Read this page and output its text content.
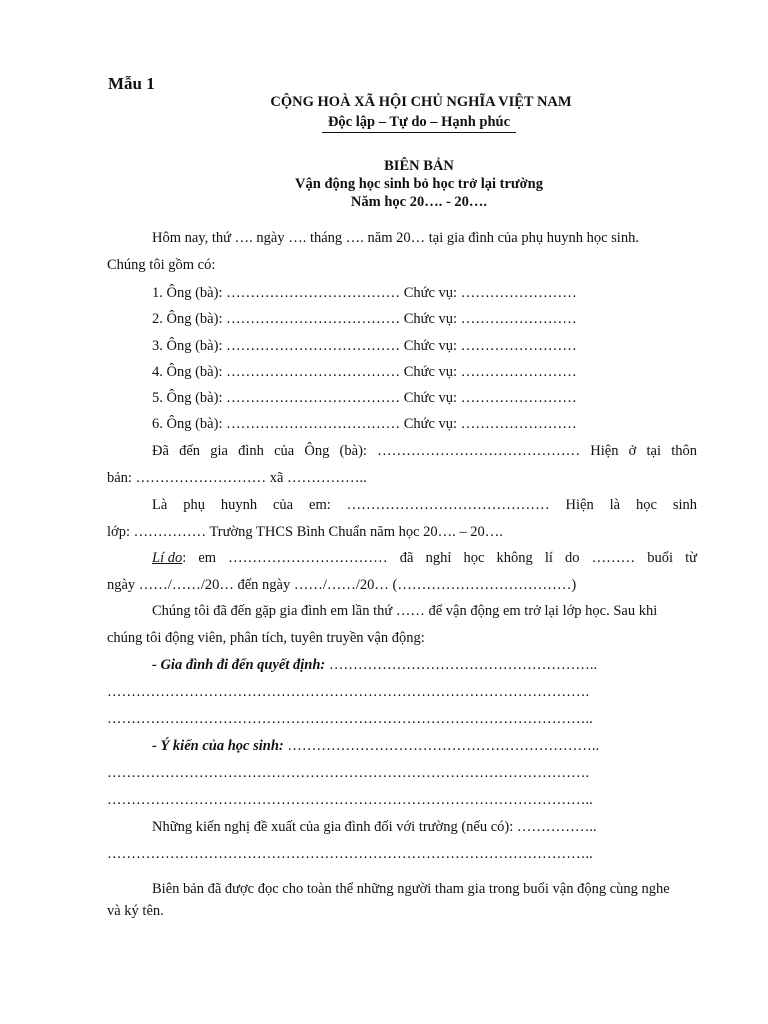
Mẫu 1
CỘNG HOÀ XÃ HỘI CHỦ NGHĨA VIỆT NAM
Độc lập – Tự do – Hạnh phúc
BIÊN BẢN
Vận động học sinh bỏ học trở lại trường
Năm học 20…. - 20….
Hôm nay, thứ …. ngày …. tháng …. năm 20… tại gia đình của phụ huynh học sinh.
Chúng tôi gồm có:
1. Ông (bà): ……………………………… Chức vụ: ……………………
2. Ông (bà): ……………………………… Chức vụ: ……………………
3. Ông (bà): ……………………………… Chức vụ: ……………………
4. Ông (bà): ……………………………… Chức vụ: ……………………
5. Ông (bà): ……………………………… Chức vụ: ……………………
6. Ông (bà): ……………………………… Chức vụ: ……………………
Đã đến gia đình của Ông (bà): …………………………………… Hiện ở tại thôn
bản: ……………………… xã ……………..
Là phụ huynh của em: …………………………………… Hiện là học sinh
lớp: …………… Trường THCS Bình Chuẩn năm học 20…. – 20….
Lí do : em …………………………… đã nghỉ học không lí do ……… buổi từ
ngày ……/……/20… đến ngày ……/……/20… (………………………………)
Chúng tôi đã đến gặp gia đình em lần thứ …… để vận động em trở lại lớp học. Sau khi
chúng tôi động viên, phân tích, tuyên truyền vận động:
- Gia đình đi đến quyết định: ………………………………………………..
……………………………………………………………………………………….
………………………………………………………………………………………..
- Ý kiến của học sinh: ………………………………………………………..
……………………………………………………………………………………….
………………………………………………………………………………………..
Những kiến nghị đề xuất của gia đình đối với trường (nếu có): ……………..
………………………………………………………………………………………..
Biên bản đã được đọc cho toàn thể những người tham gia trong buổi vận động cùng nghe
và ký tên.
